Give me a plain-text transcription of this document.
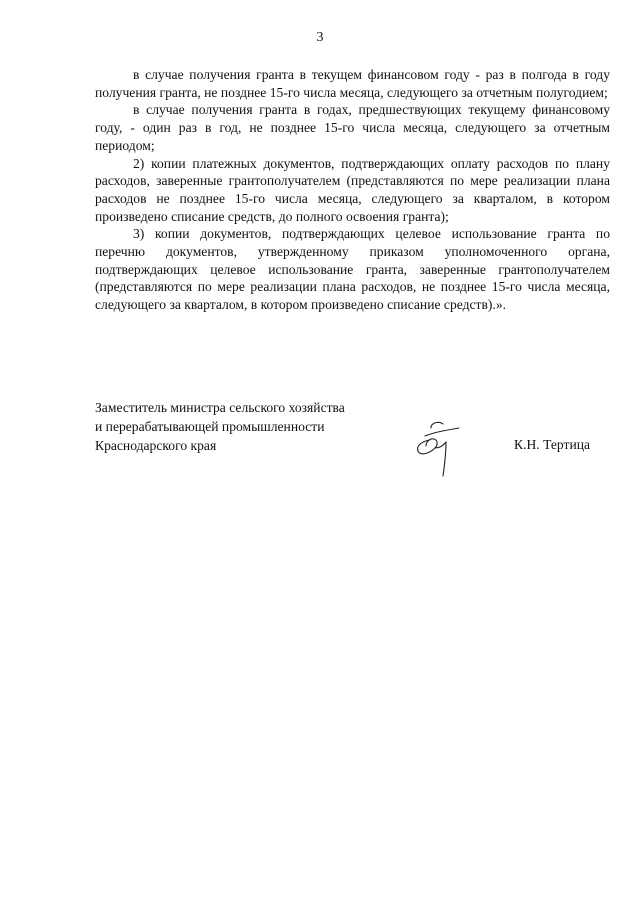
3

в случае получения гранта в текущем финансовом году - раз в полгода в году получения гранта, не позднее 15-го числа месяца, следующего за отчетным полугодием;

в случае получения гранта в годах, предшествующих текущему финансовому году, - один раз в год, не позднее 15-го числа месяца, следующего за отчетным периодом;

2) копии платежных документов, подтверждающих оплату расходов по плану расходов, заверенные грантополучателем (представляются по мере реализации плана расходов не позднее 15-го числа месяца, следующего за кварталом, в котором произведено списание средств, до полного освоения гранта);

3) копии документов, подтверждающих целевое использование гранта по перечню документов, утвержденному приказом уполномоченного органа, подтверждающих целевое использование гранта, заверенные грантополучателем (представляются по мере реализации плана расходов, не позднее 15-го числа месяца, следующего за кварталом, в котором произведено списание средств).».

Заместитель министра сельского хозяйства
и перерабатывающей промышленности
Краснодарского края	К.Н. Тертица
